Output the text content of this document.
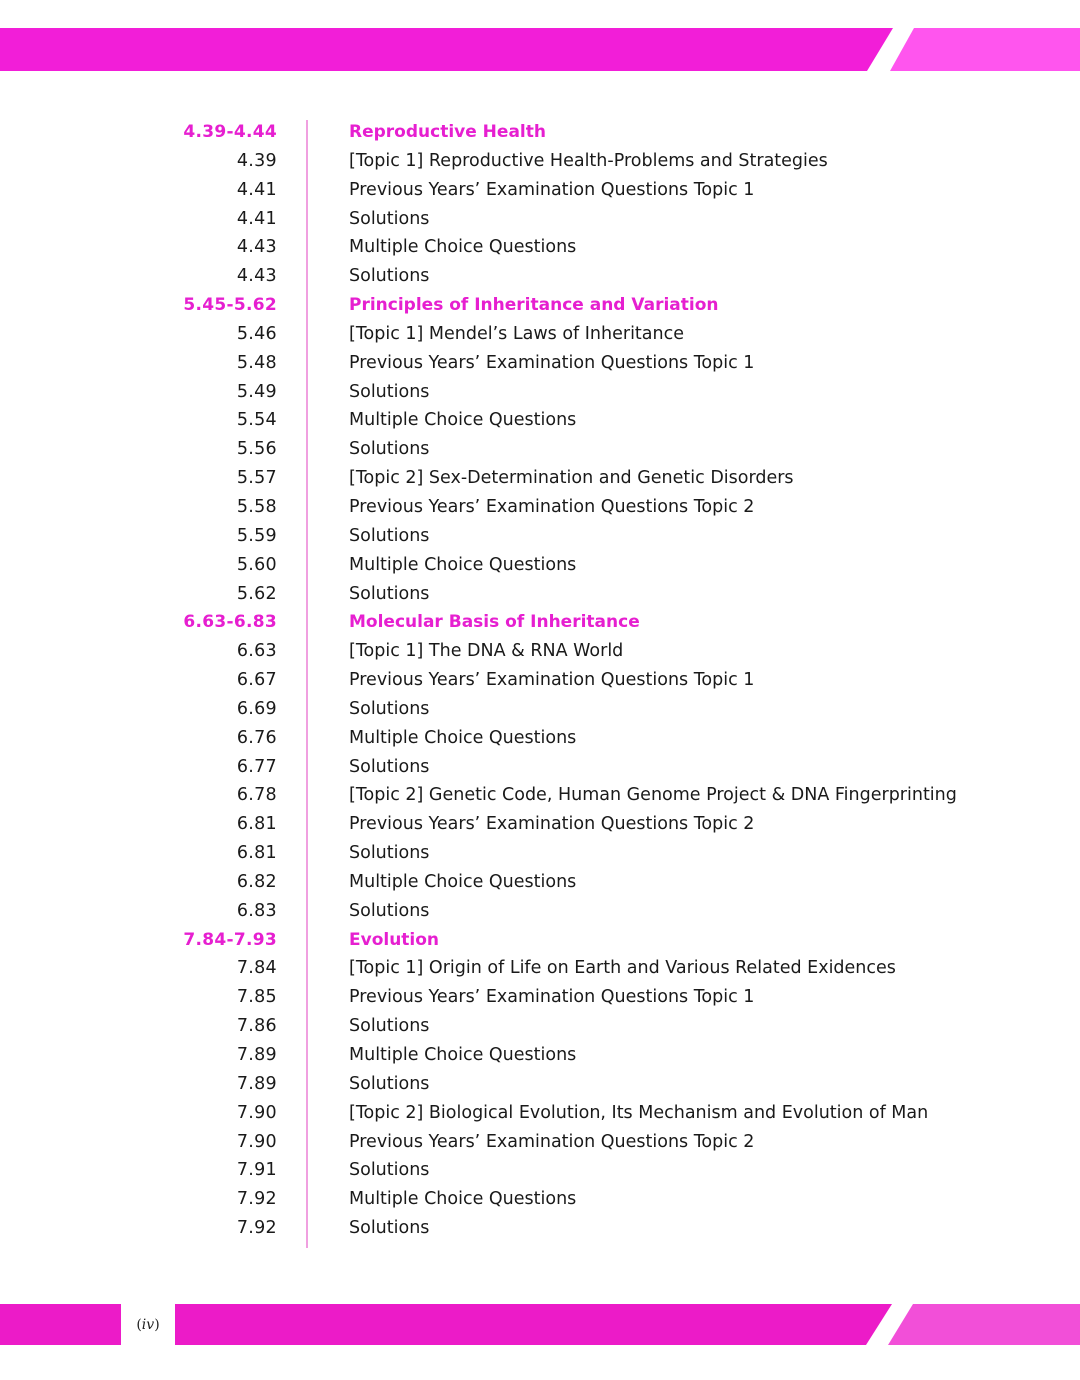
4.39-4.44	Reproductive Health
4.39	[Topic 1] Reproductive Health-Problems and Strategies
4.41	Previous Years’ Examination Questions Topic 1
4.41	Solutions
4.43	Multiple Choice Questions
4.43	Solutions
5.45-5.62	Principles of Inheritance and Variation
5.46	[Topic 1] Mendel’s Laws of Inheritance
5.48	Previous Years’ Examination Questions Topic 1
5.49	Solutions
5.54	Multiple Choice Questions
5.56	Solutions
5.57	[Topic 2] Sex-Determination and Genetic Disorders
5.58	Previous Years’ Examination Questions Topic 2
5.59	Solutions
5.60	Multiple Choice Questions
5.62	Solutions
6.63-6.83	Molecular Basis of Inheritance
6.63	[Topic 1] The DNA & RNA World
6.67	Previous Years’ Examination Questions Topic 1
6.69	Solutions
6.76	Multiple Choice Questions
6.77	Solutions
6.78	[Topic 2] Genetic Code, Human Genome Project & DNA Fingerprinting
6.81	Previous Years’ Examination Questions Topic 2
6.81	Solutions
6.82	Multiple Choice Questions
6.83	Solutions
7.84-7.93	Evolution
7.84	[Topic 1] Origin of Life on Earth and Various Related Exidences
7.85	Previous Years’ Examination Questions Topic 1
7.86	Solutions
7.89	Multiple Choice Questions
7.89	Solutions
7.90	[Topic 2] Biological Evolution, Its Mechanism and Evolution of Man
7.90	Previous Years’ Examination Questions Topic 2
7.91	Solutions
7.92	Multiple Choice Questions
7.92	Solutions
( iv )
